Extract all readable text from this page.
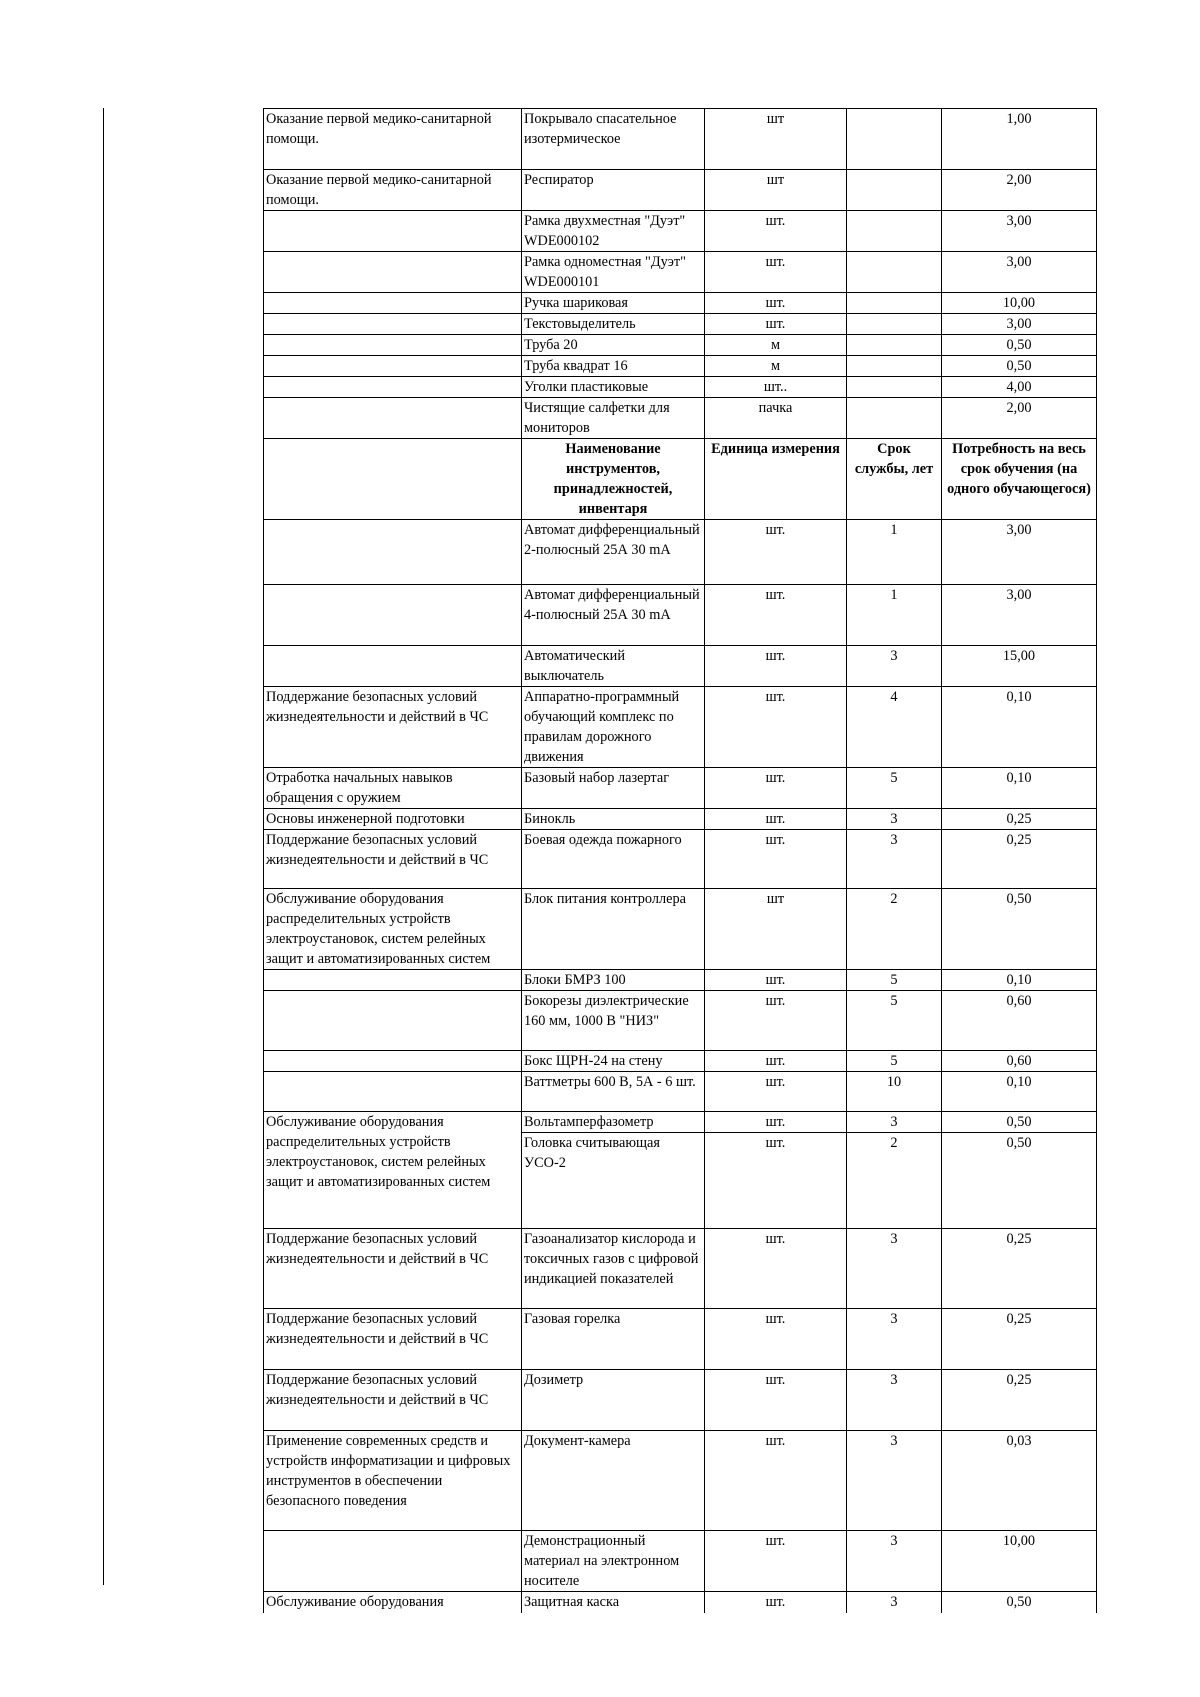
Оказание первой медико-санитарной помощи.	Покрывало спасательное изотермическое	шт		1,00
Оказание первой медико-санитарной помощи.	Респиратор	шт		2,00
	Рамка двухместная "Дуэт" WDE000102	шт.		3,00
	Рамка одноместная "Дуэт" WDE000101	шт.		3,00
	Ручка шариковая	шт.		10,00
	Текстовыделитель	шт.		3,00
	Труба 20	м		0,50
	Труба квадрат 16	м		0,50
	Уголки пластиковые	шт..		4,00
	Чистящие салфетки для мониторов	пачка		2,00
	Наименование инструментов, принадлежностей, инвентаря	Единица измерения	Срок службы, лет	Потребность на весь срок обучения (на одного обучающегося)
	Автомат дифференциальный 2-полюсный 25А 30 mA	шт.	1	3,00
	Автомат дифференциальный 4-полюсный 25А 30 mA	шт.	1	3,00
	Автоматический выключатель	шт.	3	15,00
Поддержание безопасных условий жизнедеятельности и действий в ЧС	Аппаратно-программный обучающий комплекс по правилам дорожного движения	шт.	4	0,10
Отработка начальных навыков обращения с оружием	Базовый набор лазертаг	шт.	5	0,10
Основы инженерной подготовки	Бинокль	шт.	3	0,25
Поддержание безопасных условий жизнедеятельности и действий в ЧС	Боевая одежда пожарного	шт.	3	0,25
Обслуживание оборудования распределительных устройств электроустановок, систем релейных защит и автоматизированных систем	Блок питания контроллера	шт	2	0,50
	Блоки БМРЗ 100	шт.	5	0,10
	Бокорезы диэлектрические 160 мм, 1000 В "НИЗ"	шт.	5	0,60
	Бокс ЩРН-24 на стену	шт.	5	0,60
	Ваттметры 600 В, 5А - 6 шт.	шт.	10	0,10
Обслуживание оборудования распределительных устройств электроустановок, систем релейных защит и автоматизированных систем	Вольтамперфазометр	шт.	3	0,50
	Головка считывающая УСО-2	шт.	2	0,50
Поддержание безопасных условий жизнедеятельности и действий в ЧС	Газоанализатор кислорода и токсичных газов с цифровой индикацией показателей	шт.	3	0,25
Поддержание безопасных условий жизнедеятельности и действий в ЧС	Газовая горелка	шт.	3	0,25
Поддержание безопасных условий жизнедеятельности и действий в ЧС	Дозиметр	шт.	3	0,25
Применение современных средств и устройств информатизации и цифровых инструментов в обеспечении безопасного поведения	Документ-камера	шт.	3	0,03
	Демонстрационный материал на электронном носителе	шт.	3	10,00
Обслуживание оборудования	Защитная каска	шт.	3	0,50
